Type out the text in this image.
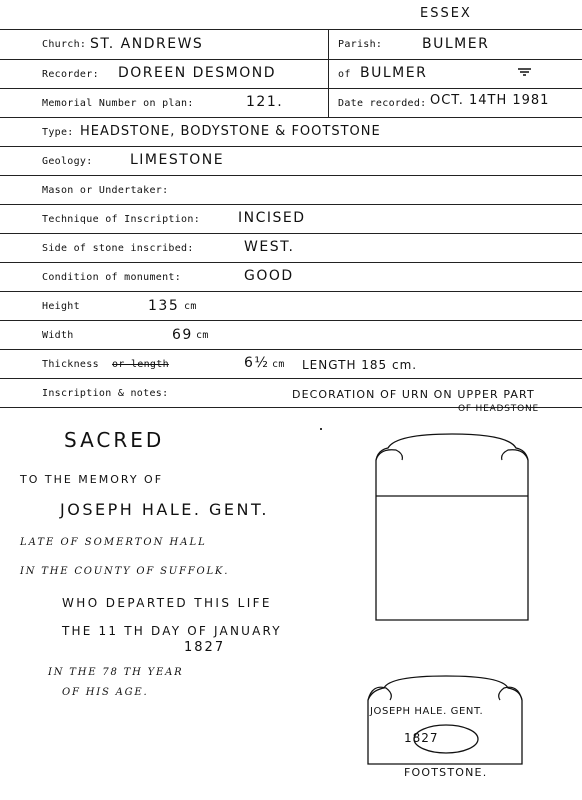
ESSEX
Church: ST. ANDREWS	Parish:	BULMER
Recorder: DOREEN DESMOND	of BULMER
Memorial Number on plan:	121.	Date recorded: OCT. 14TH 1981
Type: HEADSTONE, BODYSTONE & FOOTSTONE
Geology:	LIMESTONE
Mason or Undertaker:
Technique of Inscription:	INCISED
Side of stone inscribed:	WEST.
Condition of monument:	GOOD
Height	135 cm
Width	69 cm
Thickness or length	6½ cm LENGTH 185 cm.
Inscription & notes:	DECORATION OF URN ON UPPER PART
OF HEADSTONE
SACRED
TO THE MEMORY OF
JOSEPH HALE. GENT.
LATE OF SOMERTON HALL
IN THE COUNTY OF SUFFOLK.
WHO DEPARTED THIS LIFE
THE 11 TH DAY OF JANUARY
1827
IN THE 78 TH YEAR
OF HIS AGE.
JOSEPH HALE. GENT.
1827
FOOTSTONE.
